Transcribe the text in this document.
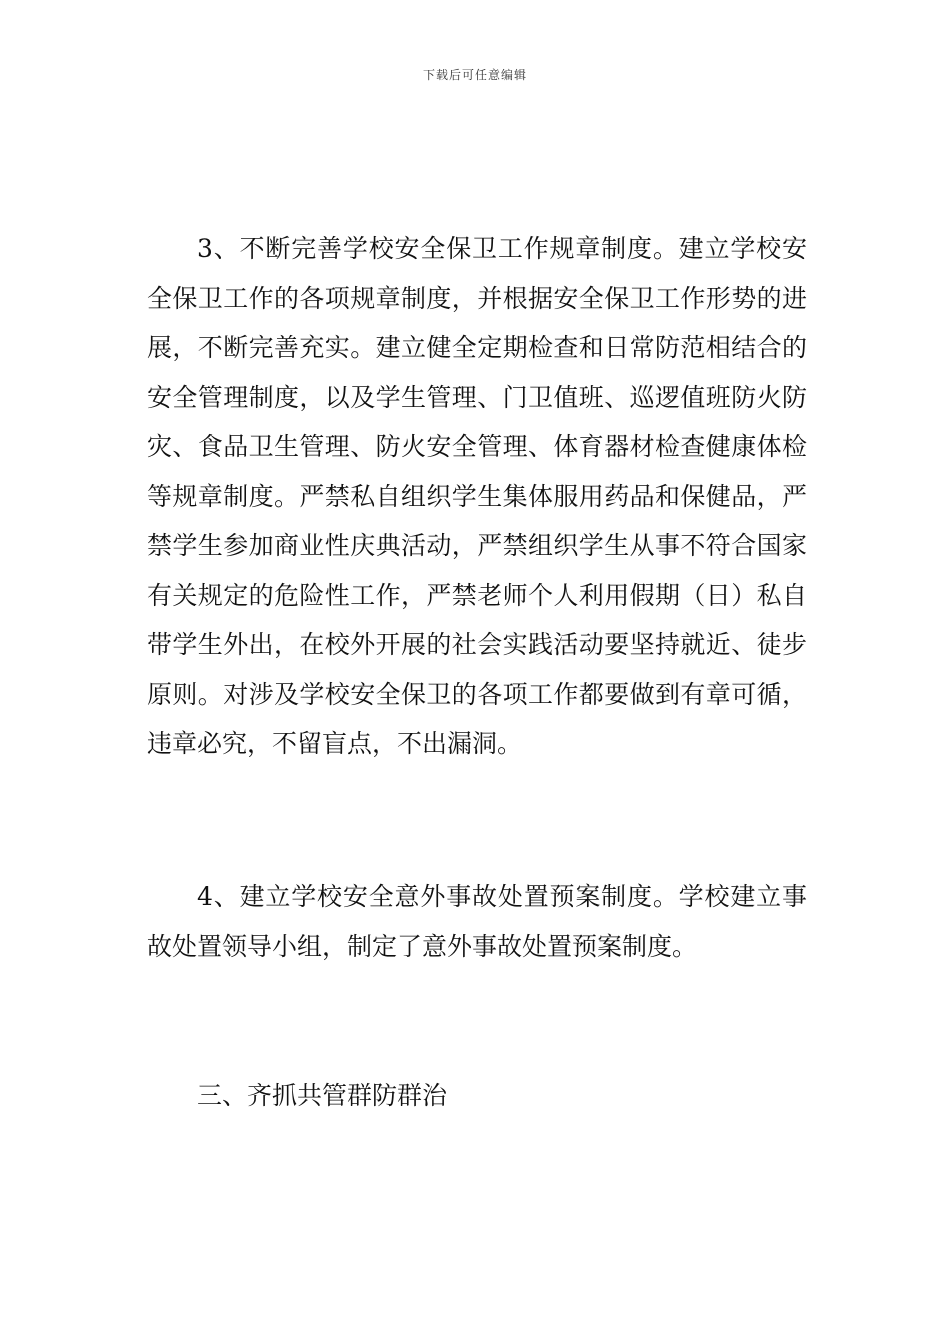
下载后可任意编辑

3、不断完善学校安全保卫工作规章制度。建立学校安全保卫工作的各项规章制度，并根据安全保卫工作形势的进展，不断完善充实。建立健全定期检查和日常防范相结合的安全管理制度，以及学生管理、门卫值班、巡逻值班防火防灾、食品卫生管理、防火安全管理、体育器材检查健康体检等规章制度。严禁私自组织学生集体服用药品和保健品，严禁学生参加商业性庆典活动，严禁组织学生从事不符合国家有关规定的危险性工作，严禁老师个人利用假期（日）私自带学生外出，在校外开展的社会实践活动要坚持就近、徒步原则。对涉及学校安全保卫的各项工作都要做到有章可循，违章必究，不留盲点，不出漏洞。

4、建立学校安全意外事故处置预案制度。学校建立事故处置领导小组，制定了意外事故处置预案制度。

三、齐抓共管群防群治
